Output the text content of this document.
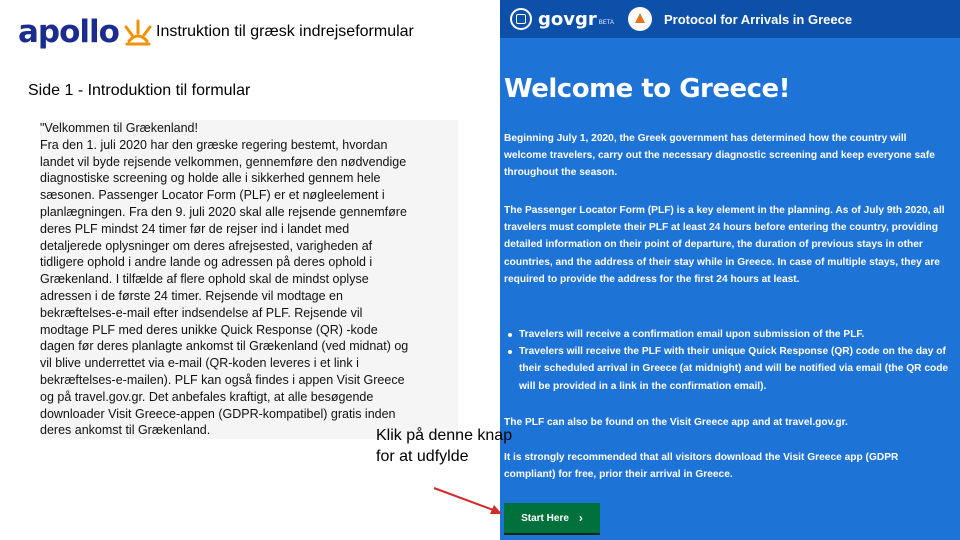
apollo Instruktion til græsk indrejseformular
Side 1 - Introduktion til formular
"Velkommen til Grækenland!
Fra den 1. juli 2020 har den græske regering bestemt, hvordan
landet vil byde rejsende velkommen, gennemføre den nødvendige
diagnostiske screening og holde alle i sikkerhed gennem hele
sæsonen. Passenger Locator Form (PLF) er et nøgleelement i
planlægningen. Fra den 9. juli 2020 skal alle rejsende gennemføre
deres PLF mindst 24 timer før de rejser ind i landet med
detaljerede oplysninger om deres afrejsested, varigheden af
tidligere ophold i andre lande og adressen på deres ophold i
Grækenland. I tilfælde af flere ophold skal de mindst oplyse
adressen i de første 24 timer. Rejsende vil modtage en
bekræftelses-e-mail efter indsendelse af PLF. Rejsende vil
modtage PLF med deres unikke Quick Response (QR) -kode
dagen før deres planlagte ankomst til Grækenland (ved midnat) og
vil blive underrettet via e-mail (QR-koden leveres i et link i
bekræftelses-e-mailen). PLF kan også findes i appen Visit Greece
og på travel.gov.gr. Det anbefales kraftigt, at alle besøgende
downloader Visit Greece-appen (GDPR-kompatibel) gratis inden
deres ankomst til Grækenland.	Klik på denne knap for at udfylde
govgr BETA	Protocol for Arrivals in Greece
Welcome to Greece!
Beginning July 1, 2020, the Greek government has determined how the country will welcome travelers, carry out the necessary diagnostic screening and keep everyone safe throughout the season.
The Passenger Locator Form (PLF) is a key element in the planning. As of July 9th 2020, all travelers must complete their PLF at least 24 hours before entering the country, providing detailed information on their point of departure, the duration of previous stays in other countries, and the address of their stay while in Greece. In case of multiple stays, they are required to provide the address for the first 24 hours at least.
Travelers will receive a confirmation email upon submission of the PLF.
Travelers will receive the PLF with their unique Quick Response (QR) code on the day of their scheduled arrival in Greece (at midnight) and will be notified via email (the QR code will be provided in a link in the confirmation email).
The PLF can also be found on the Visit Greece app and at travel.gov.gr.
It is strongly recommended that all visitors download the Visit Greece app (GDPR compliant) for free, prior their arrival in Greece.
Start Here ›
